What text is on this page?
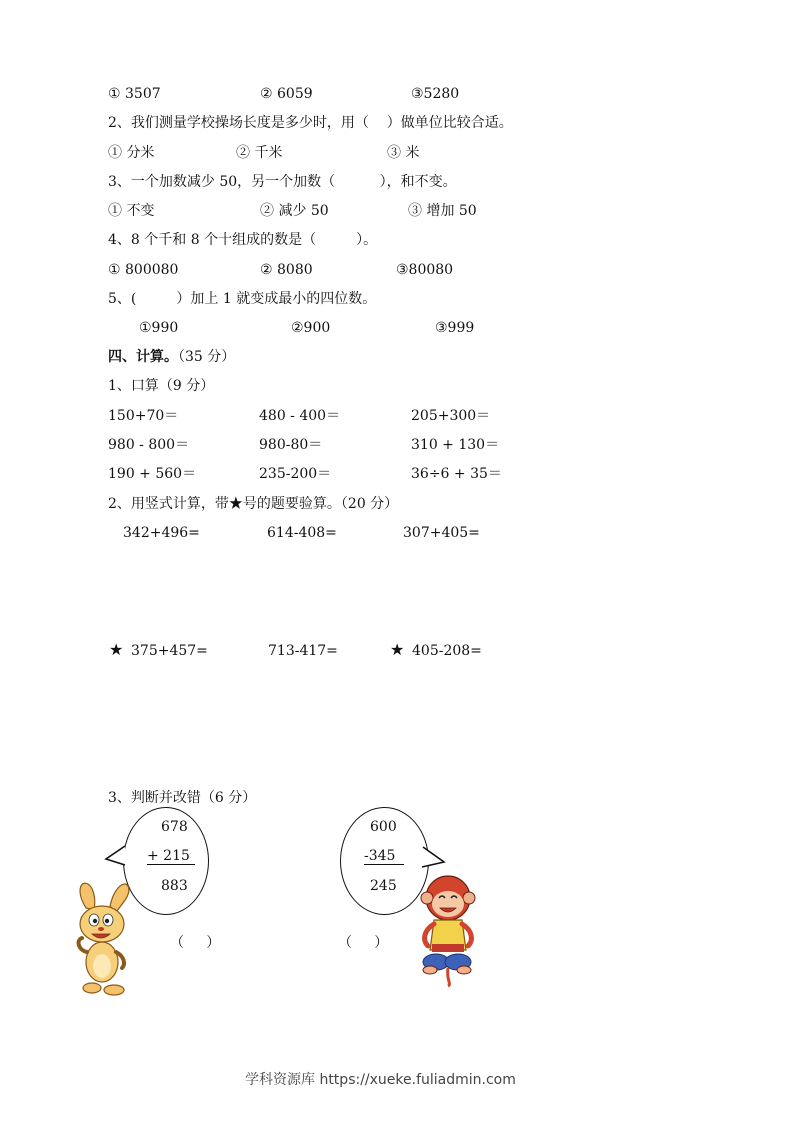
① 3507	② 6059	③5280
2、我们测量学校操场长度是多少时，用（    ）做单位比较合适。
① 分米	② 千米	③ 米
3、一个加数减少 50，另一个加数（          ），和不变。
① 不变	② 减少 50	③ 增加 50
4、8 个千和 8 个十组成的数是（         ）。
① 800080	② 8080	③80080
5、(         ）加上 1 就变成最小的四位数。
①990	②900	③999
四、计算。（35 分）
1、口算（9 分）
150+70＝	480 - 400＝	205+300＝
980 - 800＝	980-80＝	310 + 130＝
190 + 560＝	235-200＝	36÷6 + 35＝
2、用竖式计算，带★号的题要验算。（20 分）
342+496=	614-408=	307+405=
★ 375+457=	713-417=	★ 405-208=
3、判断并改错（6 分）
678
+ 215
883
（     ）
600
-345
245
（     ）
学科资源库 https://xueke.fuliadmin.com
